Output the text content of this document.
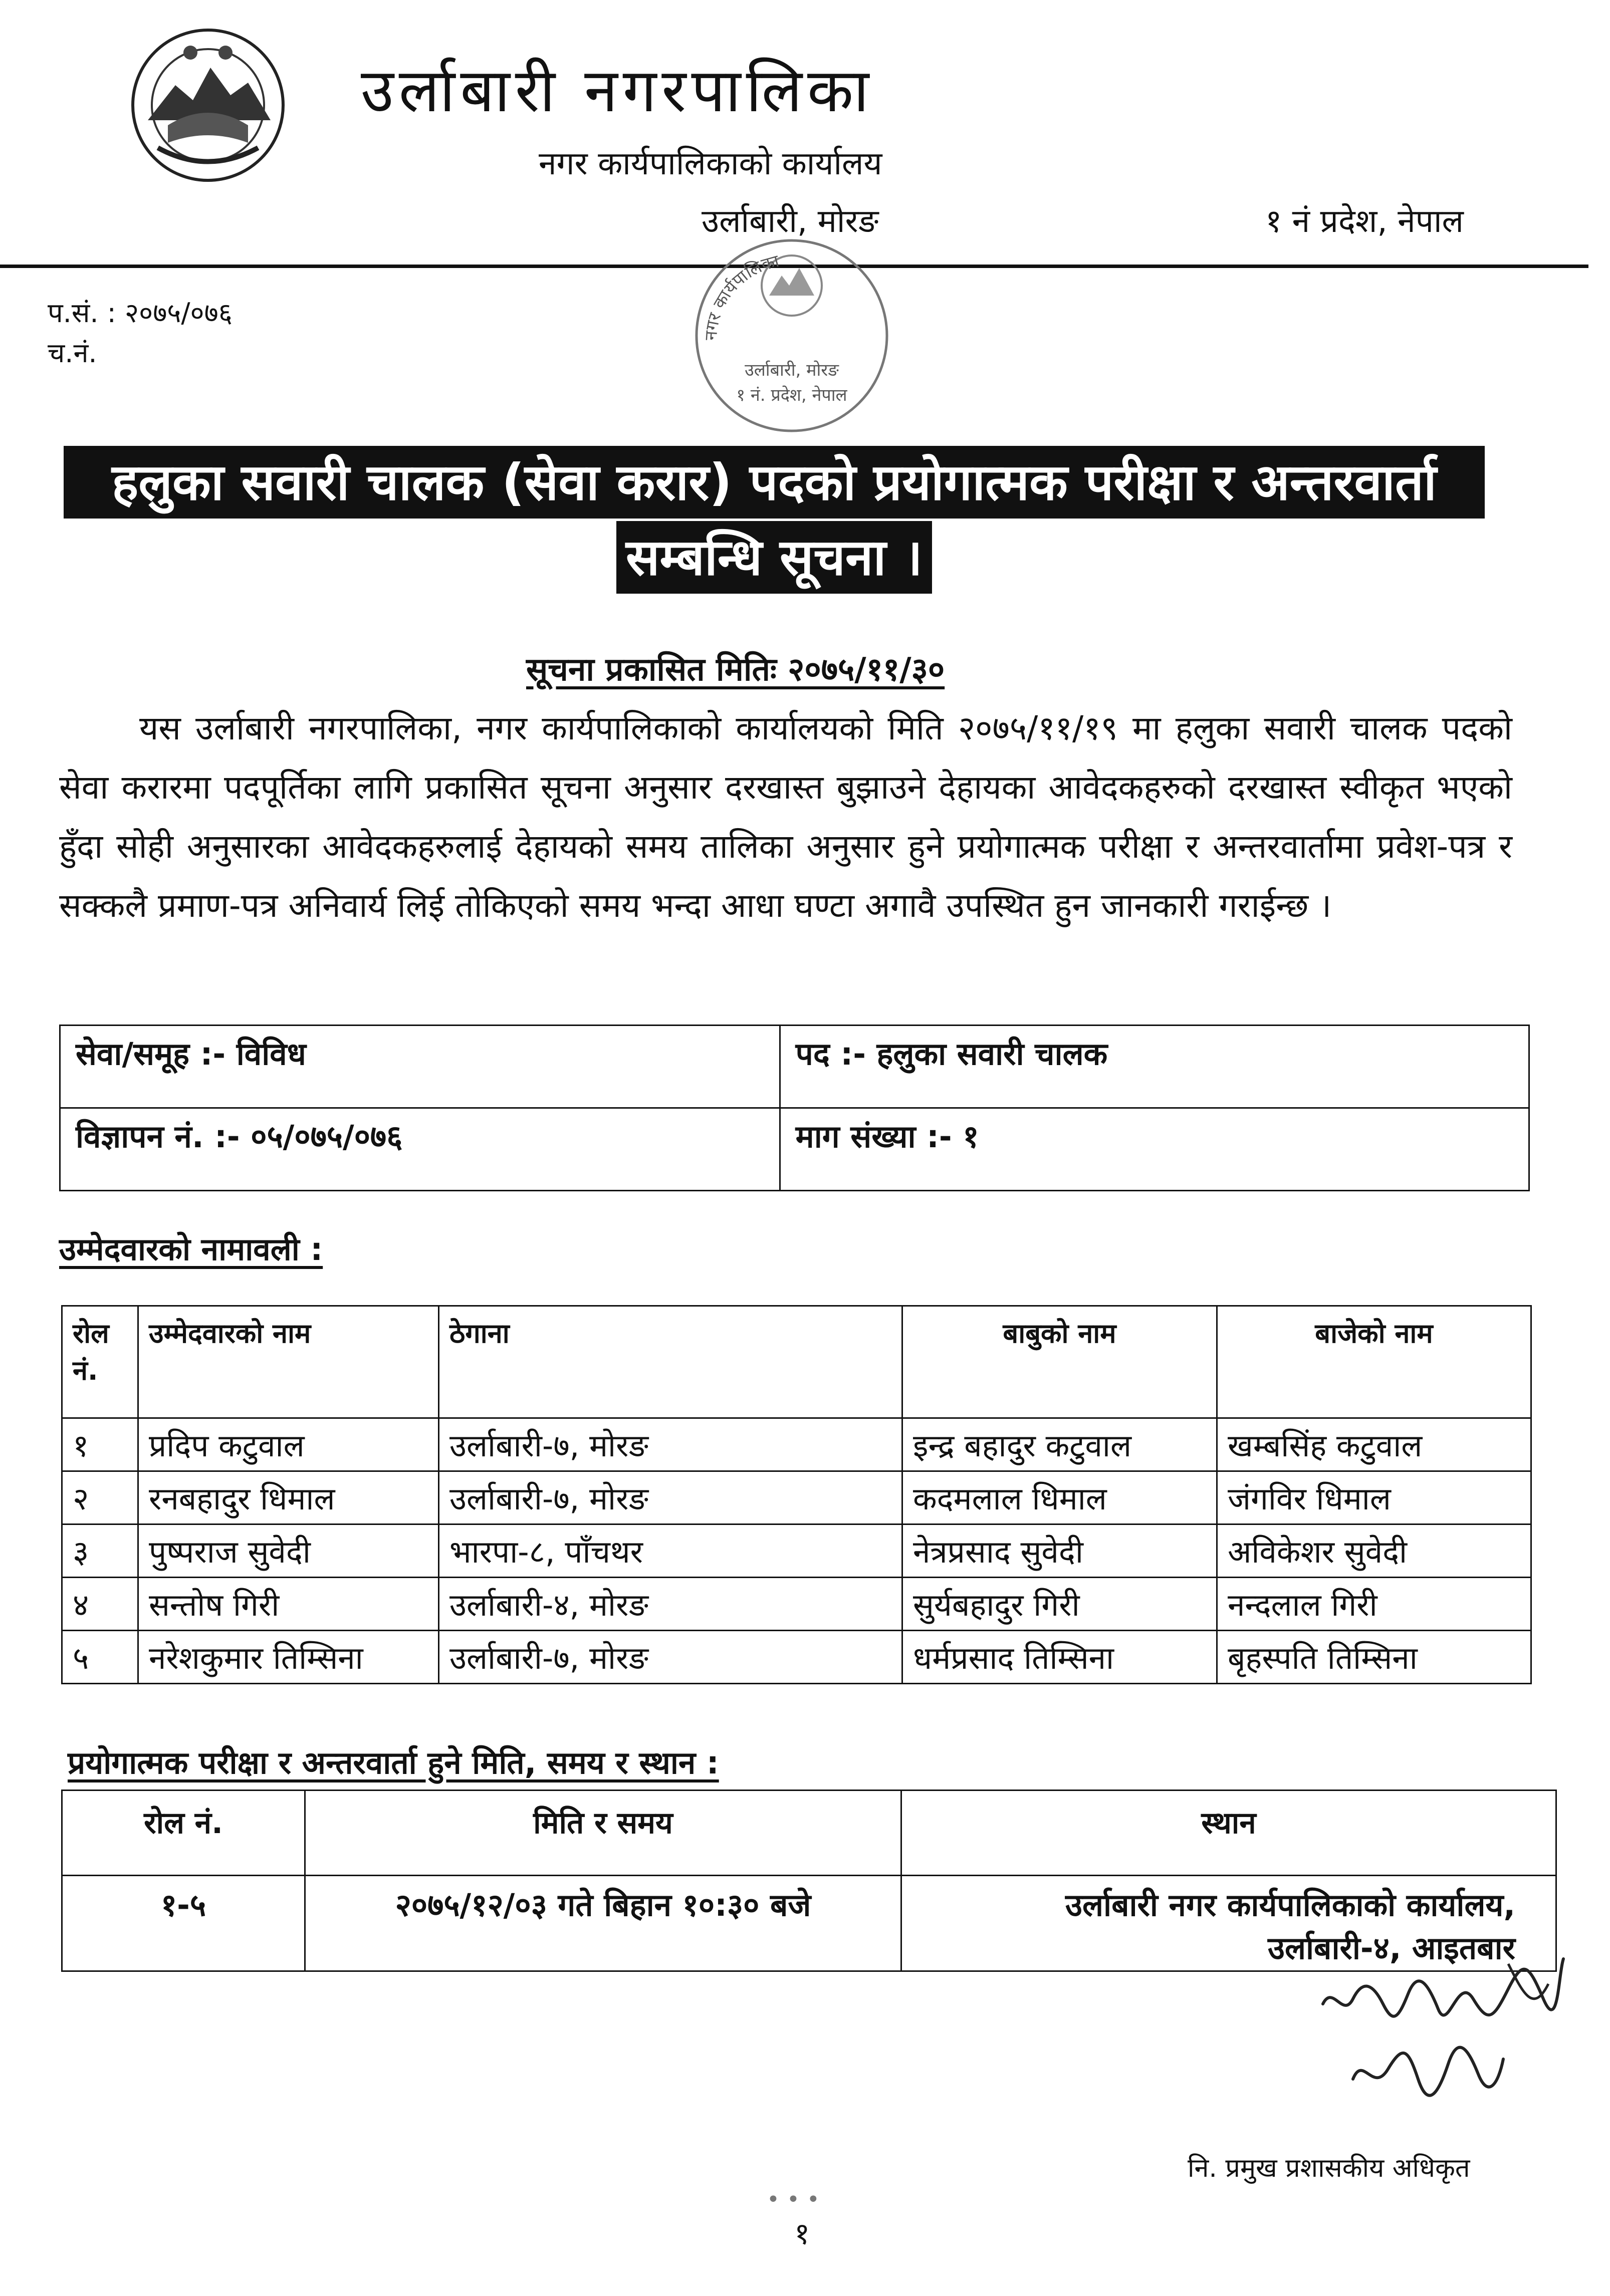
उर्लाबारी नगरपालिका
नगर कार्यपालिकाको कार्यालय
उर्लाबारी, मोरङ	१ नं प्रदेश, नेपाल
प.सं. : २०७५/०७६
च.नं.
नगर कार्यपालिका
उर्लाबारी, मोरङ
१ नं. प्रदेश, नेपाल
हलुका सवारी चालक (सेवा करार) पदको प्रयोगात्मक परीक्षा र अन्तरवार्ता
सम्बन्धि सूचना ।
सूचना प्रकासित मितिः २०७५/११/३०
यस उर्लाबारी नगरपालिका, नगर कार्यपालिकाको कार्यालयको मिति २०७५/११/१९ मा हलुका सवारी चालक पदको सेवा करारमा पदपूर्तिका लागि प्रकासित सूचना अनुसार दरखास्त बुझाउने देहायका आवेदकहरुको दरखास्त स्वीकृत भएको हुँदा सोही अनुसारका आवेदकहरुलाई देहायको समय तालिका अनुसार हुने प्रयोगात्मक परीक्षा र अन्तरवार्तामा प्रवेश-पत्र र सक्कलै प्रमाण-पत्र अनिवार्य लिई तोकिएको समय भन्दा आधा घण्टा अगावै उपस्थित हुन जानकारी गराईन्छ ।
सेवा/समूह :- विविध	पद :- हलुका सवारी चालक
विज्ञापन नं. :- ०५/०७५/०७६	माग संख्या :- १
उम्मेदवारको नामावली :
रोल नं.	उम्मेदवारको नाम	ठेगाना	बाबुको नाम	बाजेको नाम
१	प्रदिप कटुवाल	उर्लाबारी-७, मोरङ	इन्द्र बहादुर कटुवाल	खम्बसिंह कटुवाल
२	रनबहादुर धिमाल	उर्लाबारी-७, मोरङ	कदमलाल धिमाल	जंगविर धिमाल
३	पुष्पराज सुवेदी	भारपा-८, पाँचथर	नेत्रप्रसाद सुवेदी	अविकेशर सुवेदी
४	सन्तोष गिरी	उर्लाबारी-४, मोरङ	सुर्यबहादुर गिरी	नन्दलाल गिरी
५	नरेशकुमार तिम्सिना	उर्लाबारी-७, मोरङ	धर्मप्रसाद तिम्सिना	बृहस्पति तिम्सिना
प्रयोगात्मक परीक्षा र अन्तरवार्ता हुने मिति, समय र स्थान :
रोल नं.	मिति र समय	स्थान
१-५	२०७५/१२/०३ गते बिहान १०:३० बजे	उर्लाबारी नगर कार्यपालिकाको कार्यालय,
उर्लाबारी-४, आइतबार
नि. प्रमुख प्रशासकीय अधिकृत
•••
१
